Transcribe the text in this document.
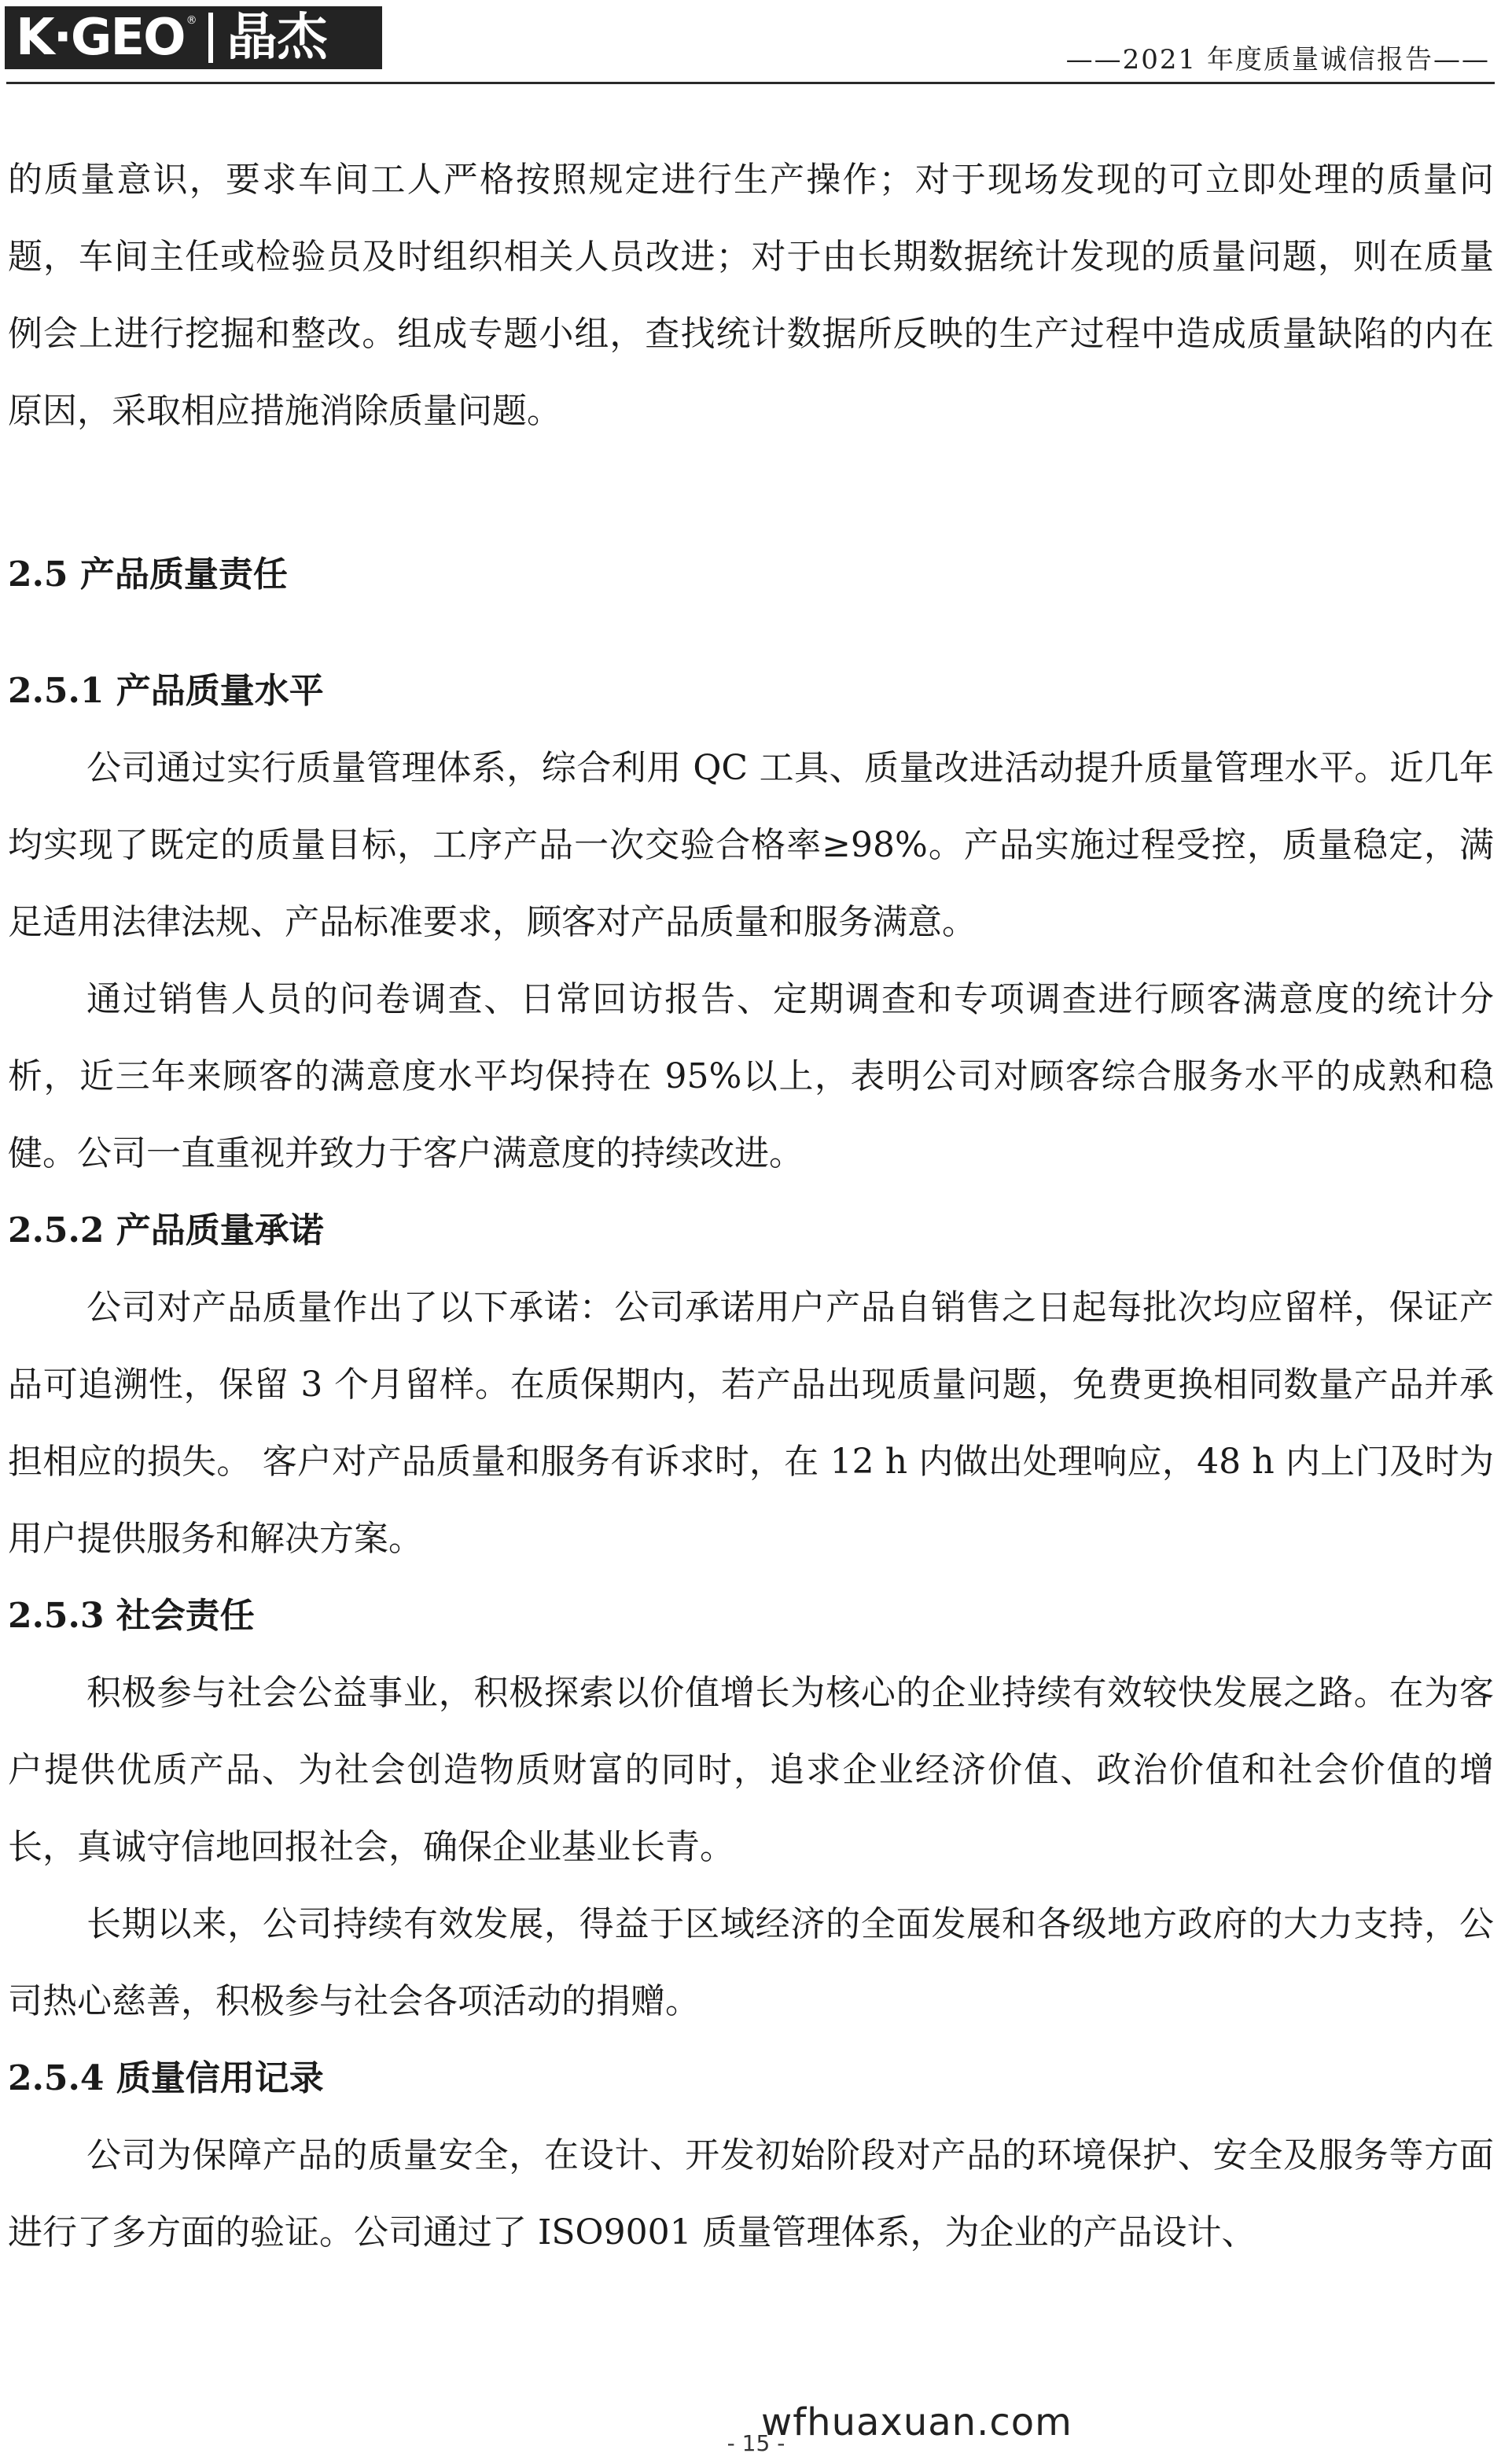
K·GEO ® 晶杰	——2021 年度质量诚信报告——

的质量意识，要求车间工人严格按照规定进行生产操作；对于现场发现的可立即处理的质量问题，车间主任或检验员及时组织相关人员改进；对于由长期数据统计发现的质量问题，则在质量例会上进行挖掘和整改。组成专题小组，查找统计数据所反映的生产过程中造成质量缺陷的内在原因，采取相应措施消除质量问题。

2.5 产品质量责任

2.5.1 产品质量水平

公司通过实行质量管理体系，综合利用 QC 工具、质量改进活动提升质量管理水平。近几年均实现了既定的质量目标，工序产品一次交验合格率≥98%。产品实施过程受控，质量稳定，满足适用法律法规、产品标准要求，顾客对产品质量和服务满意。

通过销售人员的问卷调查、日常回访报告、定期调查和专项调查进行顾客满意度的统计分析，近三年来顾客的满意度水平均保持在 95%以上，表明公司对顾客综合服务水平的成熟和稳健。公司一直重视并致力于客户满意度的持续改进。

2.5.2 产品质量承诺

公司对产品质量作出了以下承诺：公司承诺用户产品自销售之日起每批次均应留样，保证产品可追溯性，保留 3 个月留样。在质保期内，若产品出现质量问题，免费更换相同数量产品并承担相应的损失。 客户对产品质量和服务有诉求时，在 12 h 内做出处理响应，48 h 内上门及时为用户提供服务和解决方案。

2.5.3 社会责任

积极参与社会公益事业，积极探索以价值增长为核心的企业持续有效较快发展之路。在为客户提供优质产品、为社会创造物质财富的同时，追求企业经济价值、政治价值和社会价值的增长，真诚守信地回报社会，确保企业基业长青。

长期以来，公司持续有效发展，得益于区域经济的全面发展和各级地方政府的大力支持，公司热心慈善，积极参与社会各项活动的捐赠。

2.5.4 质量信用记录

公司为保障产品的质量安全，在设计、开发初始阶段对产品的环境保护、安全及服务等方面进行了多方面的验证。公司通过了 ISO9001 质量管理体系，为企业的产品设计、

wfhuaxuan.com
- 15 -
